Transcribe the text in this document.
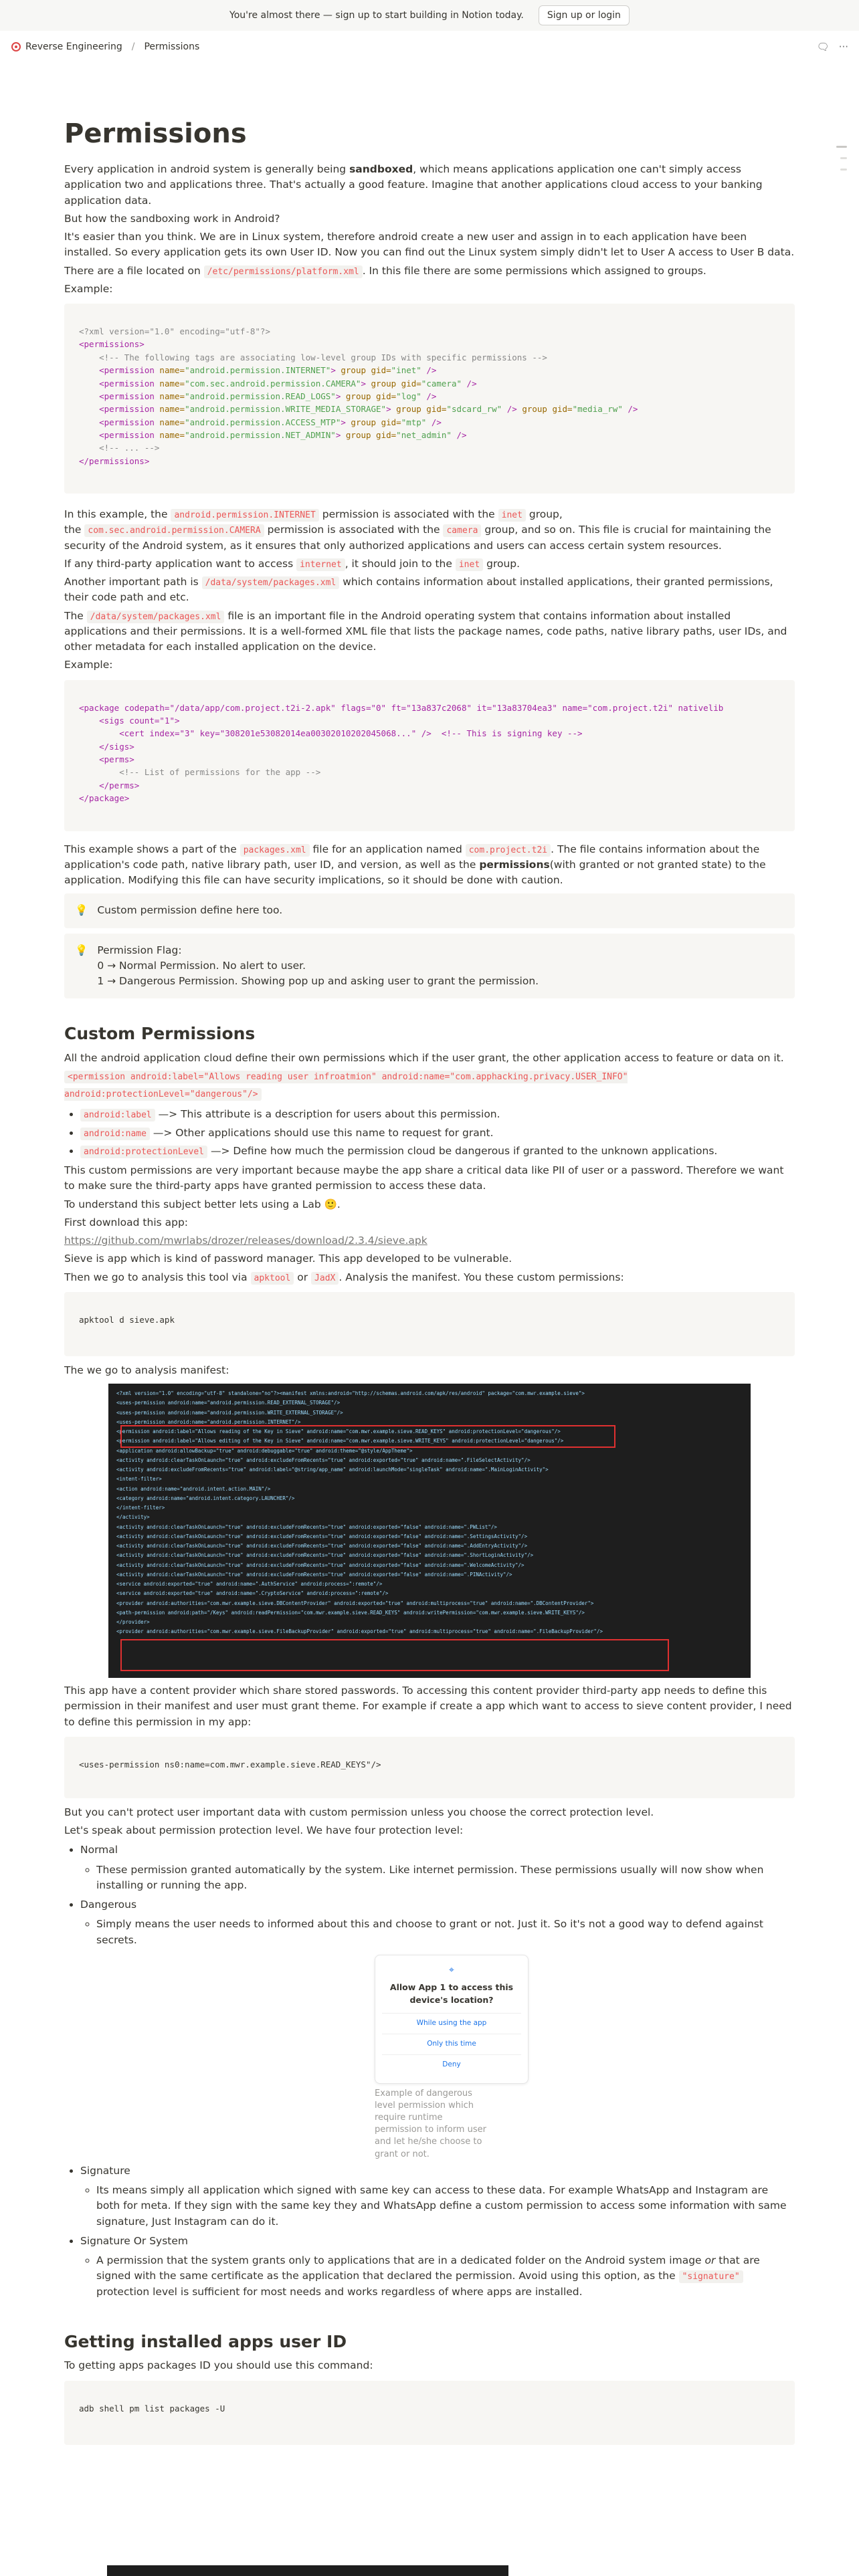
You're almost there — sign up to start building in Notion today.	Sign up or login
Reverse Engineering / Permissions	🗨 ···
Permissions

Every application in android system is generally being sandboxed, which means applications application one can't simply access application two and applications three. That's actually a good feature. Imagine that another applications cloud access to your banking application data.

But how the sandboxing work in Android?

It's easier than you think. We are in Linux system, therefore android create a new user and assign in to each application have been installed. So every application gets its own User ID. Now you can find out the Linux system simply didn't let to User A access to User B data.

There are a file located on /etc/permissions/platform.xml . In this file there are some permissions which assigned to groups.

Example:

<?xml version="1.0" encoding="utf-8"?>
<permissions>
<!-- The following tags are associating low-level group IDs with specific permissions -->
<permission name="android.permission.INTERNET"> group gid="inet" />
<permission name="com.sec.android.permission.CAMERA"> group gid="camera" />
<permission name="android.permission.READ_LOGS"> group gid="log" />
<permission name="android.permission.WRITE_MEDIA_STORAGE"> group gid="sdcard_rw" /> group gid="media_rw" />
<permission name="android.permission.ACCESS_MTP"> group gid="mtp" />
<permission name="android.permission.NET_ADMIN"> group gid="net_admin" />
<!-- ... -->
</permissions>

In this example, the android.permission.INTERNET permission is associated with the inet group,
the com.sec.android.permission.CAMERA permission is associated with the camera group, and so on. This file is crucial for maintaining the security of the Android system, as it ensures that only authorized applications and users can access certain system resources.

If any third-party application want to access internet , it should join to the inet group.

Another important path is /data/system/packages.xml which contains information about installed applications, their granted permissions, their code path and etc.

The /data/system/packages.xml file is an important file in the Android operating system that contains information about installed applications and their permissions. It is a well-formed XML file that lists the package names, code paths, native library paths, user IDs, and other metadata for each installed application on the device.

Example:

<package codepath="/data/app/com.project.t2i-2.apk" flags="0" ft="13a837c2068" it="13a83704ea3" name="com.project.t2i" nativelib
<sigs count="1">
<cert index="3" key="308201e53082014ea00302010202045068..." />  <!-- This is signing key -->
</sigs>
<perms>
<!-- List of permissions for the app -->
</perms>
</package>

This example shows a part of the packages.xml file for an application named com.project.t2i . The file contains information about the application's code path, native library path, user ID, and version, as well as the permissions(with granted or not granted state) to the application. Modifying this file can have security implications, so it should be done with caution.

💡 Custom permission define here too.
💡 Permission Flag:
0 → Normal Permission. No alert to user.
1 → Dangerous Permission. Showing pop up and asking user to grant the permission.
Custom Permissions

All the android application cloud define their own permissions which if the user grant, the other application access to feature or data on it.

<permission android:label="Allows reading user infroatmion" android:name="com.apphacking.privacy.USER_INFO" android:protectionLevel="dangerous"/>

• android:label —> This attribute is a description for users about this permission.
• android:name —> Other applications should use this name to request for grant.
• android:protectionLevel —> Define how much the permission cloud be dangerous if granted to the unknown applications.

This custom permissions are very important because maybe the app share a critical data like PII of user or a password. Therefore we want to make sure the third-party apps have granted permission to access these data.

To understand this subject better lets using a Lab 🙂.

First download this app:

https://github.com/mwrlabs/drozer/releases/download/2.3.4/sieve.apk

Sieve is app which is kind of password manager. This app developed to be vulnerable.

Then we go to analysis this tool via apktool or JadX . Analysis the manifest. You these custom permissions:

apktool d sieve.apk

The we go to analysis manifest:

<?xml version="1.0" encoding="utf-8" standalone="no"?><manifest xmlns:android="http://schemas.android.com/apk/res/android" package="com.mwr.example.sieve">
<uses-permission android:name="android.permission.READ_EXTERNAL_STORAGE"/>
<uses-permission android:name="android.permission.WRITE_EXTERNAL_STORAGE"/>
<uses-permission android:name="android.permission.INTERNET"/>
<permission android:label="Allows reading of the Key in Sieve" android:name="com.mwr.example.sieve.READ_KEYS" android:protectionLevel="dangerous"/>
<permission android:label="Allows editing of the Key in Sieve" android:name="com.mwr.example.sieve.WRITE_KEYS" android:protectionLevel="dangerous"/>
<application android:allowBackup="true" android:debuggable="true" android:theme="@style/AppTheme">
<activity android:clearTaskOnLaunch="true" android:excludeFromRecents="true" android:exported="true" android:name=".FileSelectActivity"/>
<activity android:excludeFromRecents="true" android:label="@string/app_name" android:launchMode="singleTask" android:name=".MainLoginActivity">
<intent-filter>
<action android:name="android.intent.action.MAIN"/>
<category android:name="android.intent.category.LAUNCHER"/>
</intent-filter>
</activity>
<activity android:clearTaskOnLaunch="true" android:excludeFromRecents="true" android:exported="false" android:name=".PWList"/>
<activity android:clearTaskOnLaunch="true" android:excludeFromRecents="true" android:exported="false" android:name=".SettingsActivity"/>
<activity android:clearTaskOnLaunch="true" android:excludeFromRecents="true" android:exported="false" android:name=".AddEntryActivity"/>
<activity android:clearTaskOnLaunch="true" android:excludeFromRecents="true" android:exported="false" android:name=".ShortLoginActivity"/>
<activity android:clearTaskOnLaunch="true" android:excludeFromRecents="true" android:exported="false" android:name=".WelcomeActivity"/>
<activity android:clearTaskOnLaunch="true" android:excludeFromRecents="true" android:exported="false" android:name=".PINActivity"/>
<service android:exported="true" android:name=".AuthService" android:process=":remote"/>
<service android:exported="true" android:name=".CryptoService" android:process=":remote"/>
<provider android:authorities="com.mwr.example.sieve.DBContentProvider" android:exported="true" android:multiprocess="true" android:name=".DBContentProvider">
<path-permission android:path="/Keys" android:readPermission="com.mwr.example.sieve.READ_KEYS" android:writePermission="com.mwr.example.sieve.WRITE_KEYS"/>
</provider>
<provider android:authorities="com.mwr.example.sieve.FileBackupProvider" android:exported="true" android:multiprocess="true" android:name=".FileBackupProvider"/>

This app have a content provider which share stored passwords. To accessing this content provider third-party app needs to define this permission in their manifest and user must grant theme. For example if create a app which want to access to sieve content provider, I need to define this permission in my app:

<uses-permission ns0:name=com.mwr.example.sieve.READ_KEYS"/>

But you can't protect user important data with custom permission unless you choose the correct protection level.

Let's speak about permission protection level. We have four protection level:

• Normal
◦ These permission granted automatically by the system. Like internet permission. These permissions usually will now show when installing or running the app.
• Dangerous
◦ Simply means the user needs to informed about this and choose to grant or not. Just it. So it's not a good way to defend against secrets.
⌖
Allow App 1 to access this device's location?
While using the app
Only this time
Deny
Example of dangerous level permission which require runtime permission to inform user and let he/she choose to grant or not.
• Signature
◦ Its means simply all application which signed with same key can access to these data. For example WhatsApp and Instagram are both for meta. If they sign with the same key they and WhatsApp define a custom permission to access some information with same signature, Just Instagram can do it.
• Signature Or System
◦ A permission that the system grants only to applications that are in a dedicated folder on the Android system image or that are signed with the same certificate as the application that declared the permission. Avoid using this option, as the "signature" protection level is sufficient for most needs and works regardless of where apps are installed.
Getting installed apps user ID

To getting apps packages ID you should use this command:

adb shell pm list packages -U
